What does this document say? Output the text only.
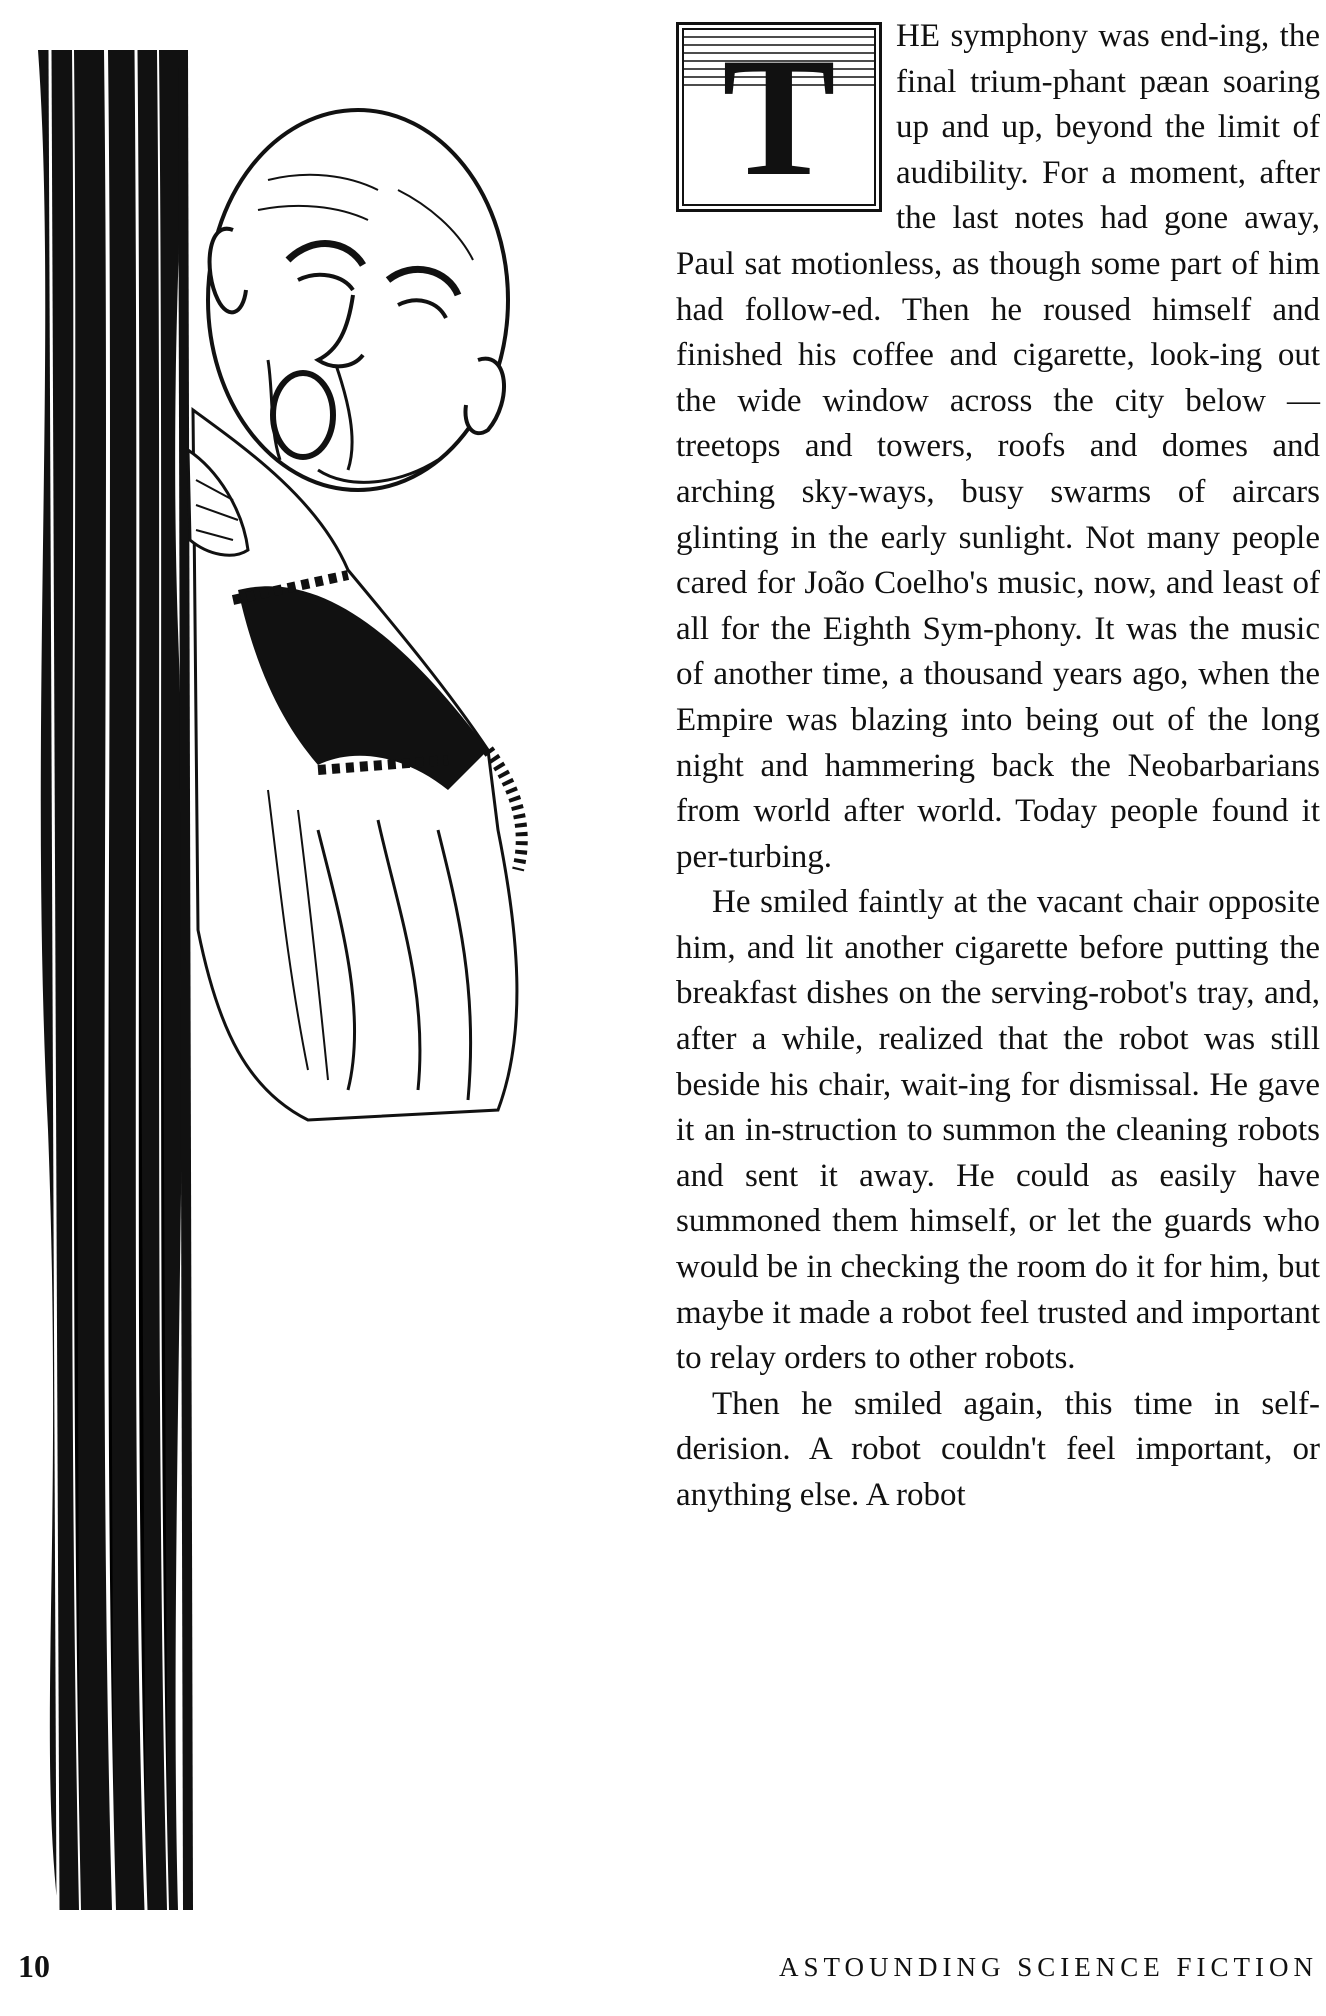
T	HE symphony was end-ing, the final trium-phant pæan soaring up and up, beyond the limit of audibility. For a moment, after the last notes had gone away, Paul sat motionless, as though some part of him had follow-ed. Then he roused himself and finished his coffee and cigarette, look-ing out the wide window across the city below — treetops and towers, roofs and domes and arching sky-ways, busy swarms of aircars glinting in the early sunlight. Not many people cared for João Coelho's music, now, and least of all for the Eighth Sym-phony. It was the music of another time, a thousand years ago, when the Empire was blazing into being out of the long night and hammering back the Neobarbarians from world after world. Today people found it per-turbing.

He smiled faintly at the vacant chair opposite him, and lit another cigarette before putting the breakfast dishes on the serving-robot's tray, and, after a while, realized that the robot was still beside his chair, wait-ing for dismissal. He gave it an in-struction to summon the cleaning robots and sent it away. He could as easily have summoned them himself, or let the guards who would be in checking the room do it for him, but maybe it made a robot feel trusted and important to relay orders to other robots.

Then he smiled again, this time in self-derision. A robot couldn't feel important, or anything else. A robot

10	ASTOUNDING SCIENCE FICTION
